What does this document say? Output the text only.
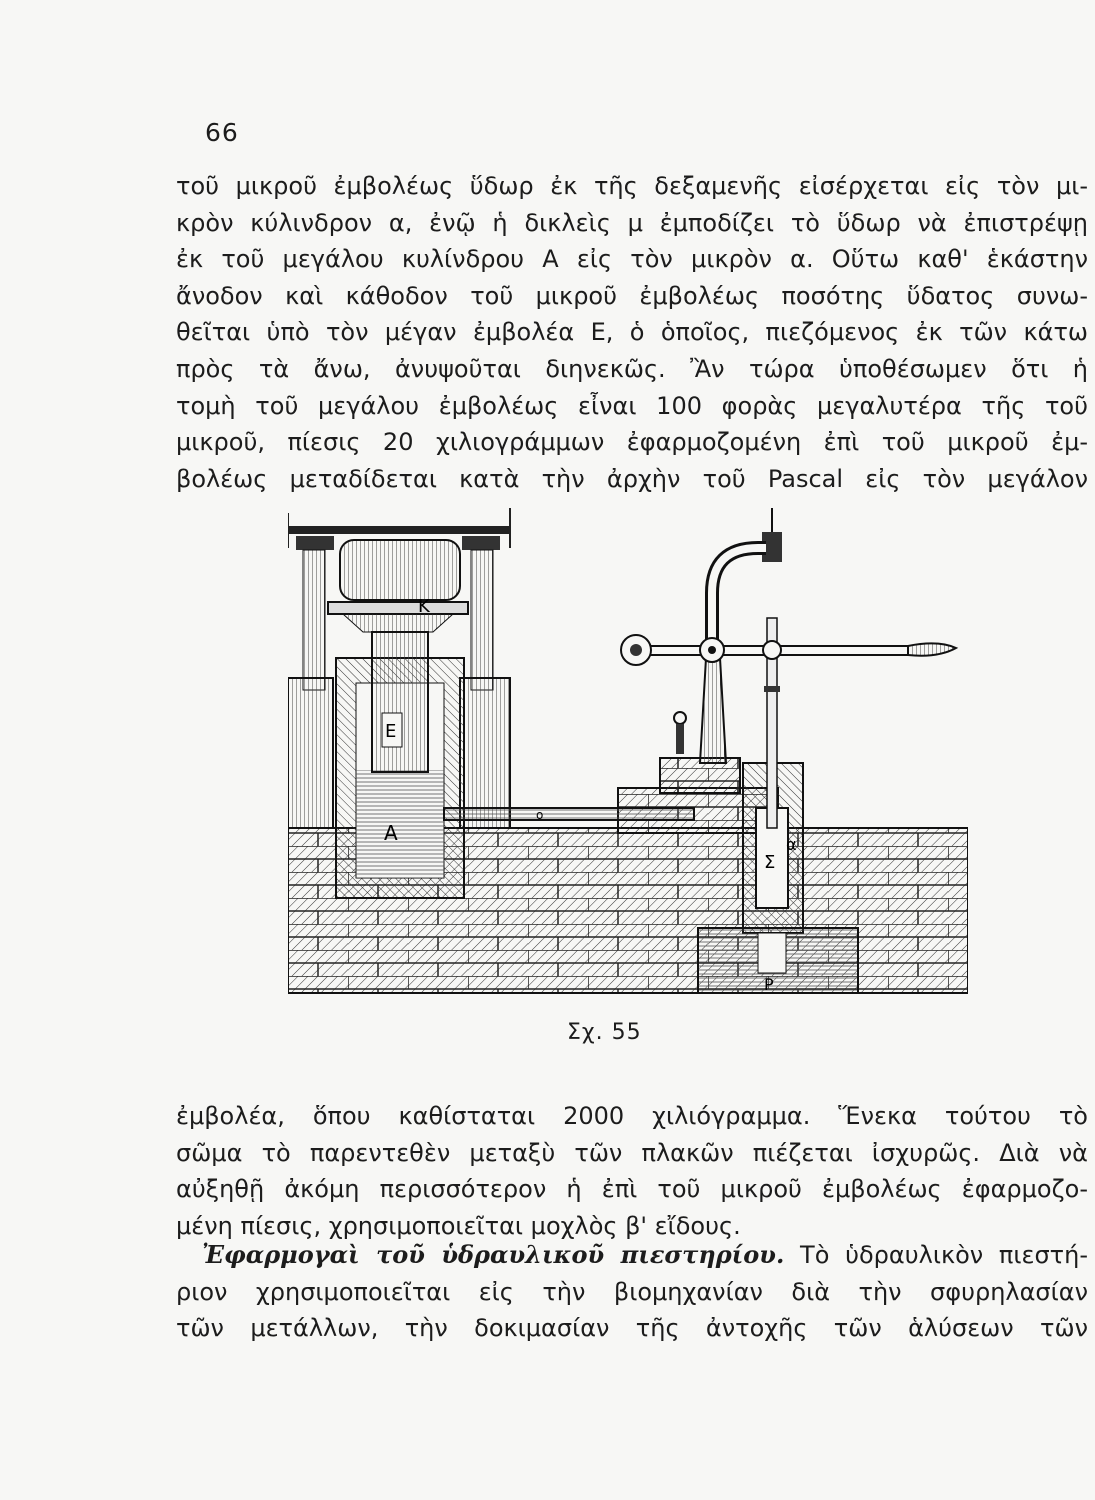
66
τοῦ μικροῦ ἐμβολέως ὕδωρ ἐκ τῆς δεξαμενῆς εἰσέρχεται εἰς τὸν μι-
κρὸν κύλινδρον α, ἐνῷ ἡ δικλεὶς μ ἐμποδίζει τὸ ὕδωρ νὰ ἐπιστρέψῃ
ἐκ τοῦ μεγάλου κυλίνδρου Α εἰς τὸν μικρὸν α. Οὕτω καθ' ἑκάστην
ἄνοδον καὶ κάθοδον τοῦ μικροῦ ἐμβολέως ποσότης ὕδατος συνω-
θεῖται ὑπὸ τὸν μέγαν ἐμβολέα Ε, ὁ ὁποῖος, πιεζόμενος ἐκ τῶν κάτω
πρὸς τὰ ἄνω, ἀνυψοῦται διηνεκῶς. Ἂν τώρα ὑποθέσωμεν ὅτι ἡ
τομὴ τοῦ μεγάλου ἐμβολέως εἶναι 100 φορὰς μεγαλυτέρα τῆς τοῦ
μικροῦ, πίεσις 20 χιλιογράμμων ἐφαρμοζομένη ἐπὶ τοῦ μικροῦ ἐμ-
βολέως μεταδίδεται κατὰ τὴν ἀρχὴν τοῦ Pascal εἰς τὸν μεγάλον
K
Ε
Α
o
Σ
α
P
Σχ. 55
ἐμβολέα, ὅπου καθίσταται 2000 χιλιόγραμμα. Ἕνεκα τούτου τὸ
σῶμα τὸ παρεντεθὲν μεταξὺ τῶν πλακῶν πιέζεται ἰσχυρῶς. Διὰ νὰ
αὐξηθῇ ἀκόμη περισσότερον ἡ ἐπὶ τοῦ μικροῦ ἐμβολέως ἐφαρμοζο-
μένη πίεσις, χρησιμοποιεῖται μοχλὸς β' εἴδους.
Ἐφαρμογαὶ τοῦ ὑδραυλικοῦ πιεστηρίου. Τὸ ὑδραυλικὸν πιεστή-
ριον χρησιμοποιεῖται εἰς τὴν βιομηχανίαν διὰ τὴν σφυρηλασίαν
τῶν μετάλλων, τὴν δοκιμασίαν τῆς ἀντοχῆς τῶν ἁλύσεων τῶν
